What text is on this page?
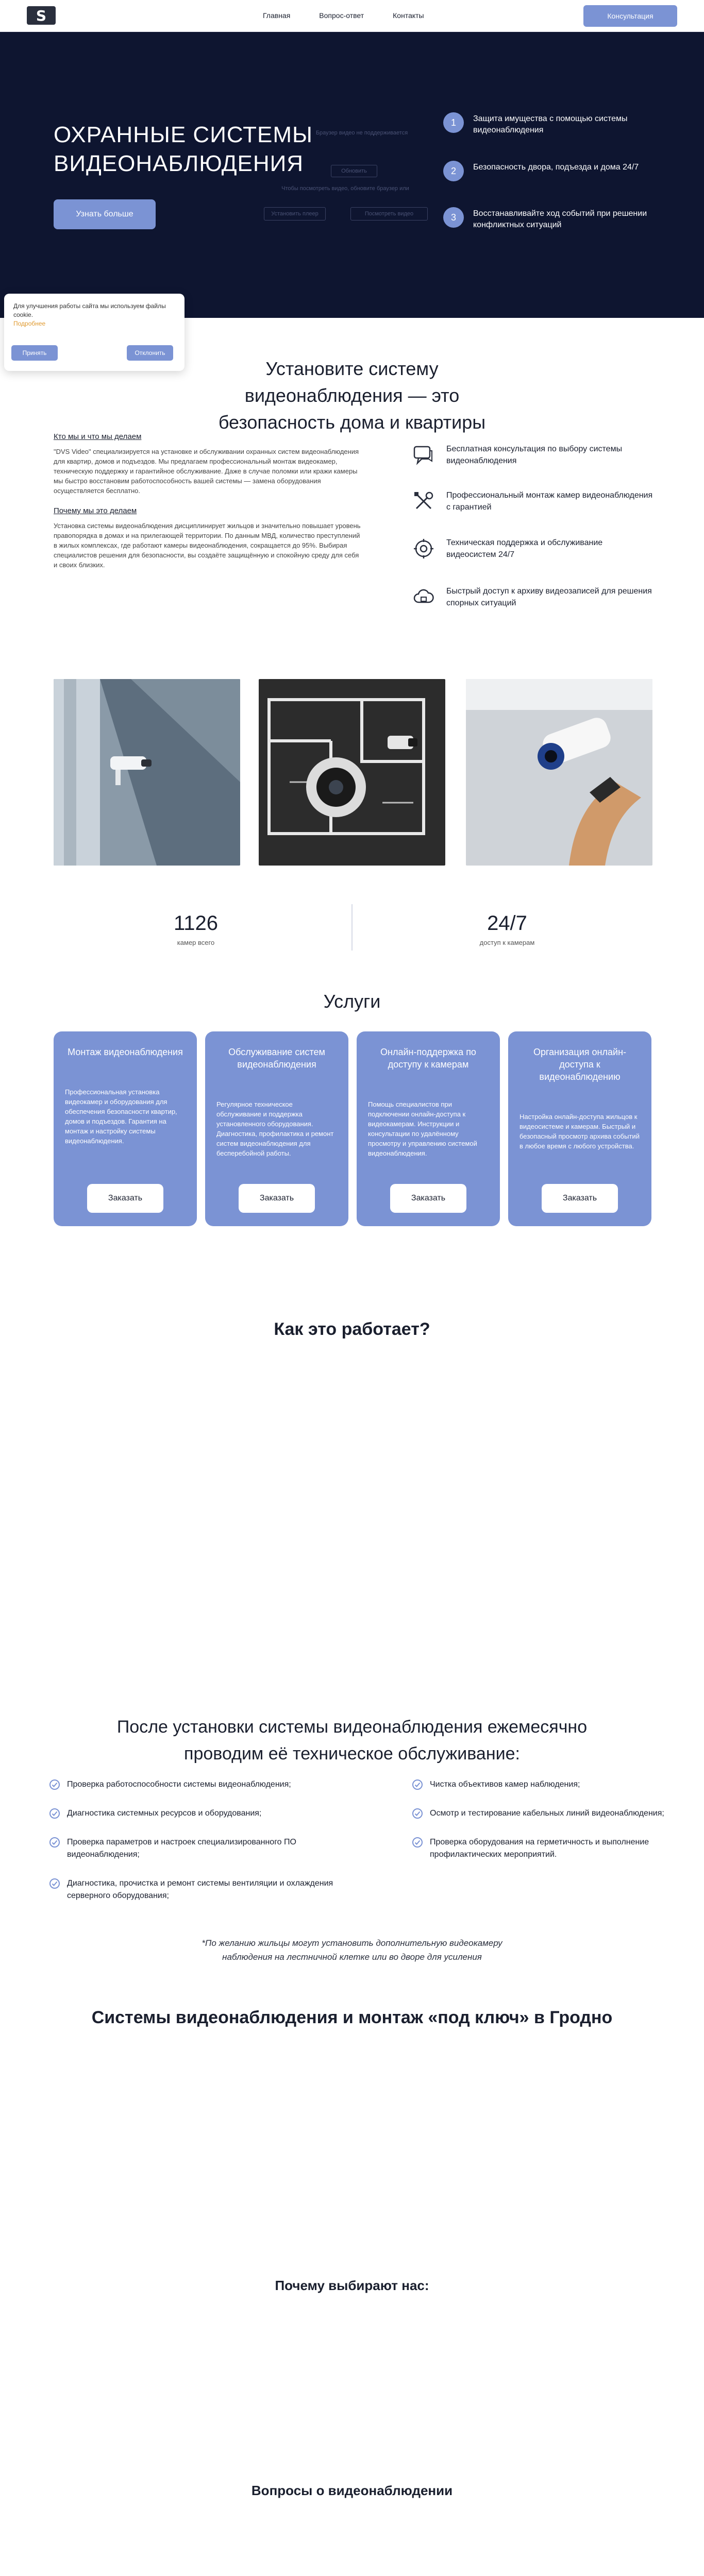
S	Главная	Вопрос-ответ	Контакты	Консультация
ОХРАННЫЕ СИСТЕМЫ ВИДЕОНАБЛЮДЕНИЯ
Узнать больше
Браузер видео не поддерживается
Обновить
Чтобы посмотреть видео, обновите браузер или
Установить плеер	Посмотреть видео
1	Защита имущества с помощью системы видеонаблюдения
2	Безопасность двора, подъезда и дома 24/7
3	Восстанавливайте ход событий при решении конфликтных ситуаций
Для улучшения работы сайта мы используем файлы cookie.
Подробнее
Принять	Отклонить
Установите систему видеонаблюдения — это безопасность дома и квартиры
Кто мы и что мы делаем

"DVS Video" специализируется на установке и обслуживании охранных систем видеонаблюдения для квартир, домов и подъездов. Мы предлагаем профессиональный монтаж видеокамер, техническую поддержку и гарантийное обслуживание. Даже в случае поломки или кражи камеры мы быстро восстановим работоспособность вашей системы — замена оборудования осуществляется бесплатно.

Почему мы это делаем

Установка системы видеонаблюдения дисциплинирует жильцов и значительно повышает уровень правопорядка в домах и на прилегающей территории. По данным МВД, количество преступлений в жилых комплексах, где работают камеры видеонаблюдения, сокращается до 95%. Выбирая специалистов решения для безопасности, вы создаёте защищённую и спокойную среду для себя и своих близких.

Бесплатная консультация по выбору системы видеонаблюдения
Профессиональный монтаж камер видеонаблюдения с гарантией
Техническая поддержка и обслуживание видеосистем 24/7
Быстрый доступ к архиву видеозаписей для решения спорных ситуаций
1126
камер всего
24/7
доступ к камерам
Услуги
Монтаж видеонаблюдения

Профессиональная установка видеокамер и оборудования для обеспечения безопасности квартир, домов и подъездов. Гарантия на монтаж и настройку системы видеонаблюдения.

Заказать
Обслуживание систем видеонаблюдения

Регулярное техническое обслуживание и поддержка установленного оборудования. Диагностика, профилактика и ремонт систем видеонаблюдения для бесперебойной работы.

Заказать
Онлайн-поддержка по доступу к камерам

Помощь специалистов при подключении онлайн-доступа к видеокамерам. Инструкции и консультации по удалённому просмотру и управлению системой видеонаблюдения.

Заказать
Организация онлайн-доступа к видеонаблюдению

Настройка онлайн-доступа жильцов к видеосистеме и камерам. Быстрый и безопасный просмотр архива событий в любое время с любого устройства.

Заказать
Как это работает?
После установки системы видеонаблюдения ежемесячно проводим её техническое обслуживание:
Проверка работоспособности системы видеонаблюдения;
Диагностика системных ресурсов и оборудования;
Проверка параметров и настроек специализированного ПО видеонаблюдения;
Диагностика, прочистка и ремонт системы вентиляции и охлаждения серверного оборудования;
Чистка объективов камер наблюдения;
Осмотр и тестирование кабельных линий видеонаблюдения;
Проверка оборудования на герметичность и выполнение профилактических мероприятий.
*По желанию жильцы могут установить дополнительную видеокамеру наблюдения на лестничной клетке или во дворе для усиления
Системы видеонаблюдения и монтаж «под ключ» в Гродно
Почему выбирают нас:
Вопросы о видеонаблюдении
